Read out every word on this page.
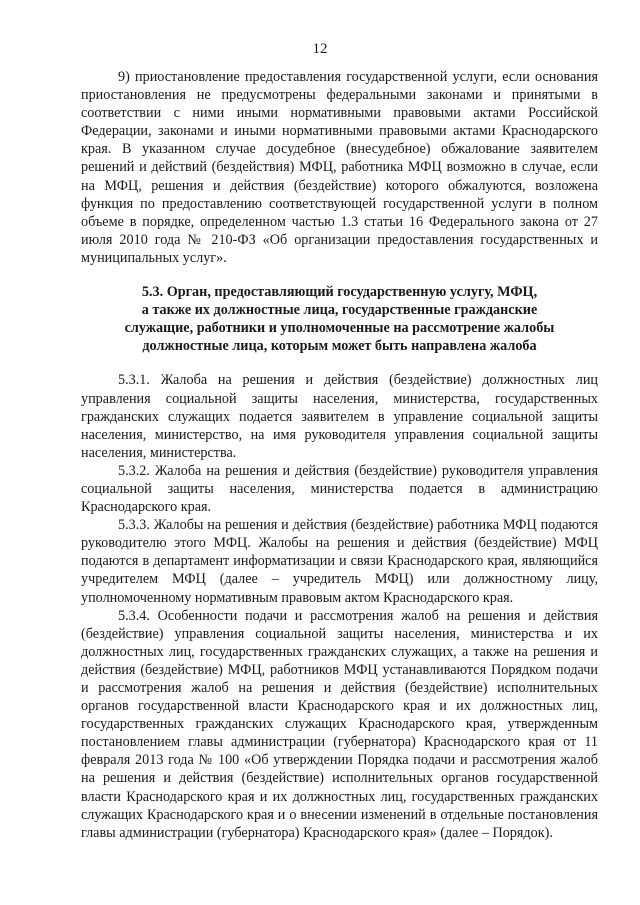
12

9) приостановление предоставления государственной услуги, если основания приостановления не предусмотрены федеральными законами и принятыми в соответствии с ними иными нормативными правовыми актами Российской Федерации, законами и иными нормативными правовыми актами Краснодарского края. В указанном случае досудебное (внесудебное) обжалование заявителем решений и действий (бездействия) МФЦ, работника МФЦ возможно в случае, если на МФЦ, решения и действия (бездействие) которого обжалуются, возложена функция по предоставлению соответствующей государственной услуги в полном объеме в порядке, определенном частью 1.3 статьи 16 Федерального закона от 27 июля 2010 года № 210-ФЗ «Об организации предоставления государственных и муниципальных услуг».

5.3. Орган, предоставляющий государственную услугу, МФЦ,
а также их должностные лица, государственные гражданские
служащие, работники и уполномоченные на рассмотрение жалобы
должностные лица, которым может быть направлена жалоба

5.3.1. Жалоба на решения и действия (бездействие) должностных лиц управления социальной защиты населения, министерства, государственных гражданских служащих подается заявителем в управление социальной защиты населения, министерство, на имя руководителя управления социальной защиты населения, министерства.

5.3.2. Жалоба на решения и действия (бездействие) руководителя управления социальной защиты населения, министерства подается в администрацию Краснодарского края.

5.3.3. Жалобы на решения и действия (бездействие) работника МФЦ подаются руководителю этого МФЦ. Жалобы на решения и действия (бездействие) МФЦ подаются в департамент информатизации и связи Краснодарского края, являющийся учредителем МФЦ (далее – учредитель МФЦ) или должностному лицу, уполномоченному нормативным правовым актом Краснодарского края.

5.3.4. Особенности подачи и рассмотрения жалоб на решения и действия (бездействие) управления социальной защиты населения, министерства и их должностных лиц, государственных гражданских служащих, а также на решения и действия (бездействие) МФЦ, работников МФЦ устанавливаются Порядком подачи и рассмотрения жалоб на решения и действия (бездействие) исполнительных органов государственной власти Краснодарского края и их должностных лиц, государственных гражданских служащих Краснодарского края, утвержденным постановлением главы администрации (губернатора) Краснодарского края от 11 февраля 2013 года № 100 «Об утверждении Порядка подачи и рассмотрения жалоб на решения и действия (бездействие) исполнительных органов государственной власти Краснодарского края и их должностных лиц, государственных гражданских служащих Краснодарского края и о внесении изменений в отдельные постановления главы администрации (губернатора) Краснодарского края» (далее – Порядок).
